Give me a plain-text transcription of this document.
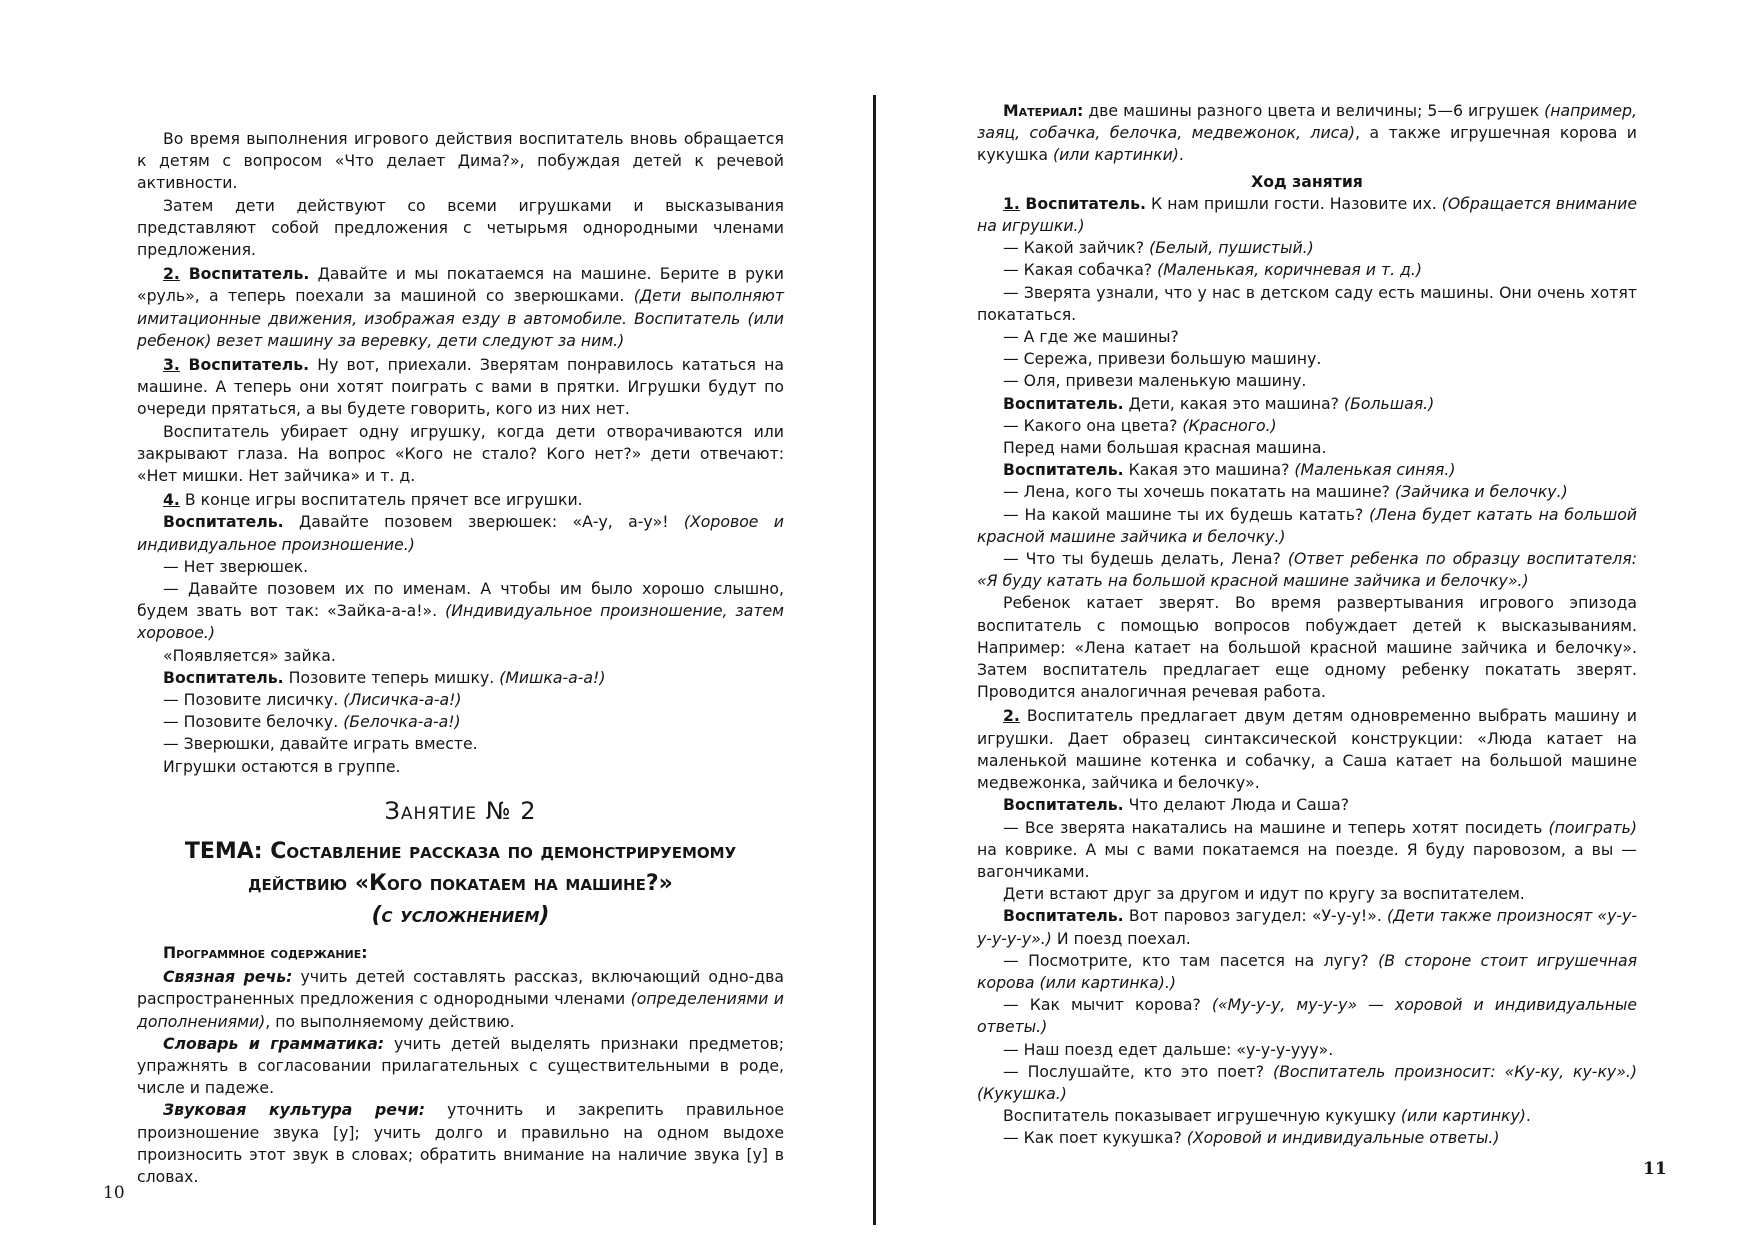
Во время выполнения игрового действия воспитатель вновь обращается к детям с вопросом «Что делает Дима?», побуждая детей к речевой активности.

Затем дети действуют со всеми игрушками и высказывания представляют собой предложения с четырьмя однородными членами предложения.

2. Воспитатель. Давайте и мы покатаемся на машине. Берите в руки «руль», а теперь поехали за машиной со зверюшками. (Дети выполняют имитационные движения, изображая езду в автомобиле. Воспитатель (или ребенок) везет машину за веревку, дети следуют за ним.)

3. Воспитатель. Ну вот, приехали. Зверятам понравилось кататься на машине. А теперь они хотят поиграть с вами в прятки. Игрушки будут по очереди прятаться, а вы будете говорить, кого из них нет.

Воспитатель убирает одну игрушку, когда дети отворачиваются или закрывают глаза. На вопрос «Кого не стало? Кого нет?» дети отвечают: «Нет мишки. Нет зайчика» и т. д.

4. В конце игры воспитатель прячет все игрушки.

Воспитатель. Давайте позовем зверюшек: «А-у, а-у»! (Хоровое и индивидуальное произношение.)

— Нет зверюшек.

— Давайте позовем их по именам. А чтобы им было хорошо слышно, будем звать вот так: «Зайка-а-а!». (Индивидуальное произношение, затем хоровое.)

«Появляется» зайка.

Воспитатель. Позовите теперь мишку. (Мишка-а-а!)

— Позовите лисичку. (Лисичка-а-а!)

— Позовите белочку. (Белочка-а-а!)

— Зверюшки, давайте играть вместе.

Игрушки остаются в группе.

Занятие № 2
ТЕМА: Составление рассказа по демонстрируемому
действию «Кого покатаем на машине?»
(с усложнением)

Программное содержание:

Связная речь: учить детей составлять рассказ, включающий одно-два распространенных предложения с однородными членами (определениями и дополнениями), по выполняемому действию.

Словарь и грамматика: учить детей выделять признаки предметов; упражнять в согласовании прилагательных с существительными в роде, числе и падеже.

Звуковая культура речи: уточнить и закрепить правильное произношение звука [у]; учить долго и правильно на одном выдохе произносить этот звук в словах; обратить внимание на наличие звука [у] в словах.

10

Материал: две машины разного цвета и величины; 5—6 игрушек (например, заяц, собачка, белочка, медвежонок, лиса), а также игрушечная корова и кукушка (или картинки).

Ход занятия

1. Воспитатель. К нам пришли гости. Назовите их. (Обращается внимание на игрушки.)

— Какой зайчик? (Белый, пушистый.)

— Какая собачка? (Маленькая, коричневая и т. д.)

— Зверята узнали, что у нас в детском саду есть машины. Они очень хотят покататься.

— А где же машины?

— Сережа, привези большую машину.

— Оля, привези маленькую машину.

Воспитатель. Дети, какая это машина? (Большая.)

— Какого она цвета? (Красного.)

Перед нами большая красная машина.

Воспитатель. Какая это машина? (Маленькая синяя.)

— Лена, кого ты хочешь покатать на машине? (Зайчика и белочку.)

— На какой машине ты их будешь катать? (Лена будет катать на большой красной машине зайчика и белочку.)

— Что ты будешь делать, Лена? (Ответ ребенка по образцу воспитателя: «Я буду катать на большой красной машине зайчика и белочку».)

Ребенок катает зверят. Во время развертывания игрового эпизода воспитатель с помощью вопросов побуждает детей к высказываниям. Например: «Лена катает на большой красной машине зайчика и белочку». Затем воспитатель предлагает еще одному ребенку покатать зверят. Проводится аналогичная речевая работа.

2. Воспитатель предлагает двум детям одновременно выбрать машину и игрушки. Дает образец синтаксической конструкции: «Люда катает на маленькой машине котенка и собачку, а Саша катает на большой машине медвежонка, зайчика и белочку».

Воспитатель. Что делают Люда и Саша?

— Все зверята накатались на машине и теперь хотят посидеть (поиграть) на коврике. А мы с вами покатаемся на поезде. Я буду паровозом, а вы — вагончиками.

Дети встают друг за другом и идут по кругу за воспитателем.

Воспитатель. Вот паровоз загудел: «У-у-у!». (Дети также произносят «у-у-у-у-у-у».) И поезд поехал.

— Посмотрите, кто там пасется на лугу? (В стороне стоит игрушечная корова (или картинка).)

— Как мычит корова? («Му-у-у, му-у-у» — хоровой и индивидуальные ответы.)

— Наш поезд едет дальше: «у-у-у-ууу».

— Послушайте, кто это поет? (Воспитатель произносит: «Ку-ку, ку-ку».) (Кукушка.)

Воспитатель показывает игрушечную кукушку (или картинку).

— Как поет кукушка? (Хоровой и индивидуальные ответы.)

11
